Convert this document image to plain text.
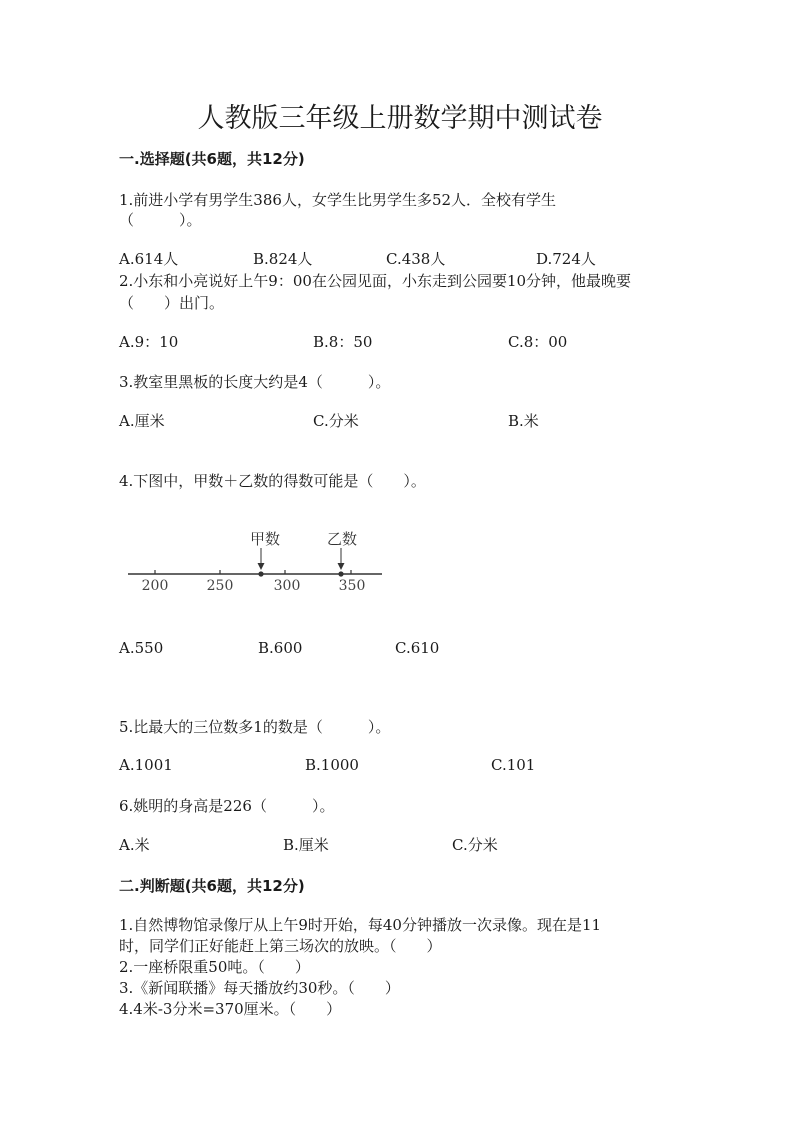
人教版三年级上册数学期中测试卷
一.选择题(共6题，共12分)
1.前进小学有男学生386人，女学生比男学生多52人．全校有学生
（　　　）。
A.614人	B.824人	C.438人	D.724人
2.小东和小亮说好上午9：00在公园见面，小东走到公园要10分钟，他最晚要
（　　）出门。
A.9：10	B.8：50	C.8：00
3.教室里黑板的长度大约是4（　　　）。
A.厘米	C.分米	B.米
4.下图中，甲数＋乙数的得数可能是（　　）。
甲数	乙数
200	250	300	350
A.550	B.600	C.610
5.比最大的三位数多1的数是（　　　）。
A.1001	B.1000	C.101
6.姚明的身高是226（　　　）。
A.米	B.厘米	C.分米
二.判断题(共6题，共12分)
1.自然博物馆录像厅从上午9时开始，每40分钟播放一次录像。现在是11
时，同学们正好能赶上第三场次的放映。（　　）
2.一座桥限重50吨。（　　）
3.《新闻联播》每天播放约30秒。（　　）
4.4米-3分米=370厘米。（　　）
